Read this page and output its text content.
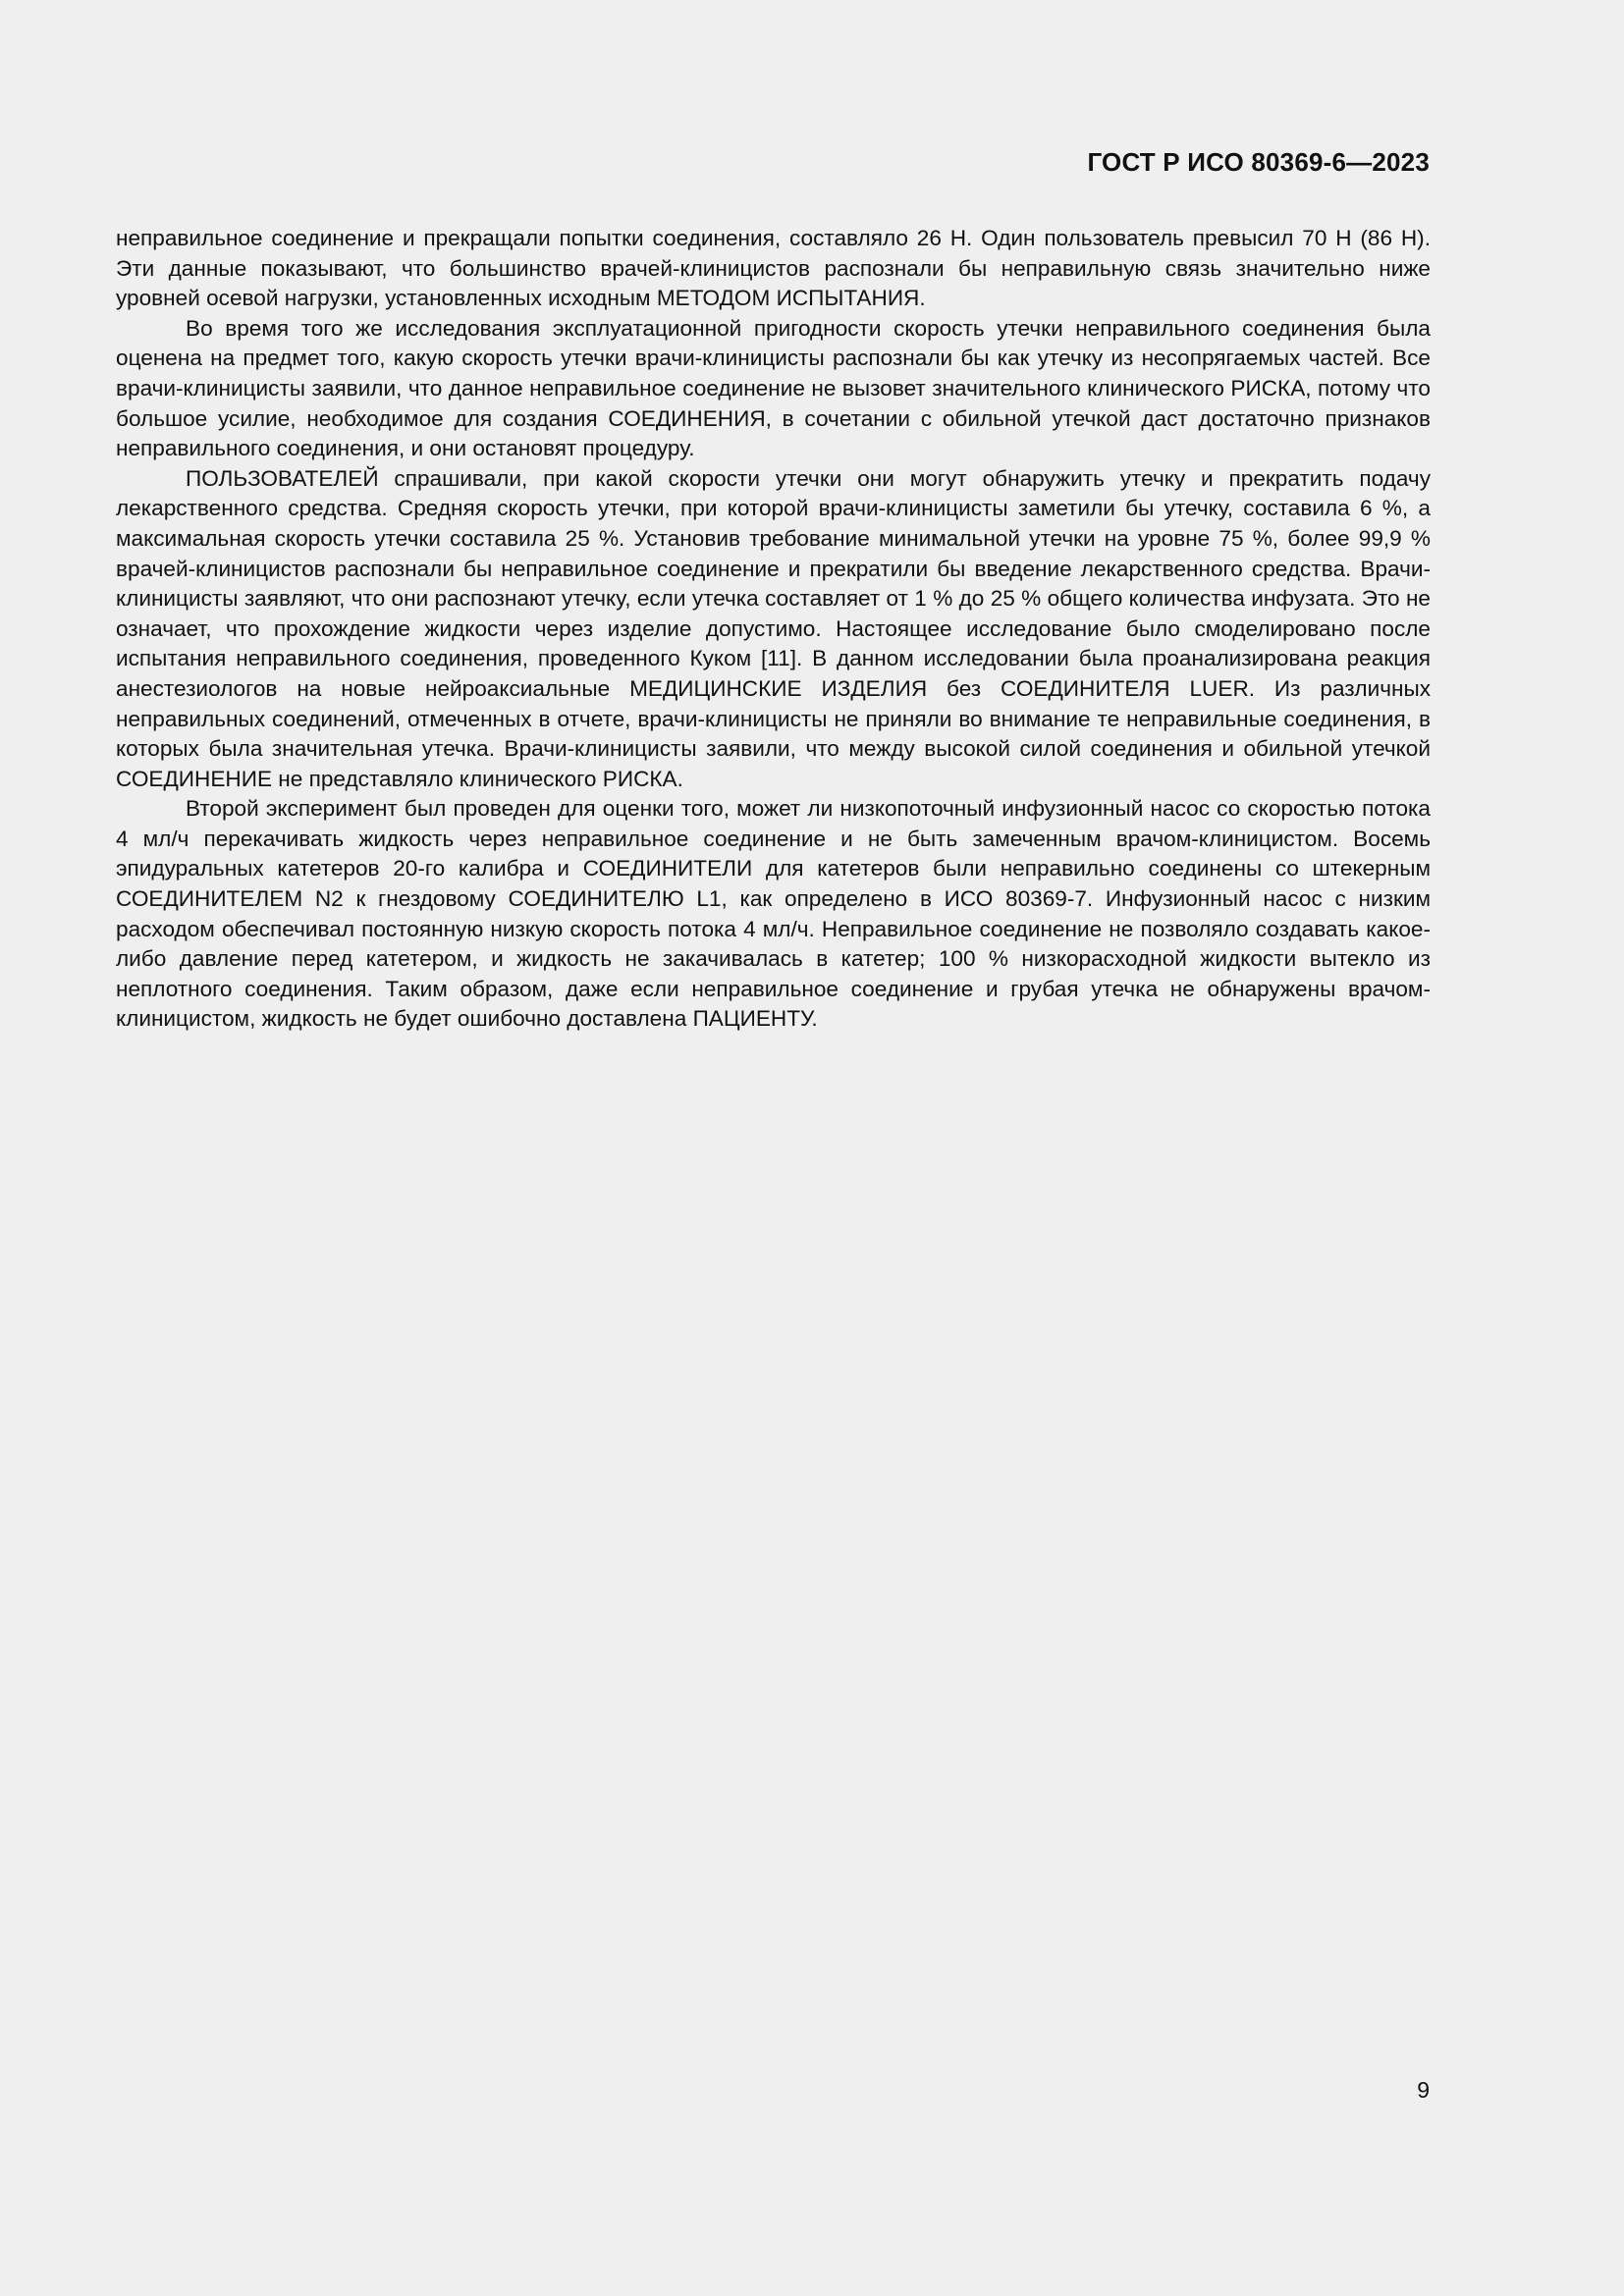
ГОСТ Р ИСО 80369-6—2023

неправильное соединение и прекращали попытки соединения, составляло 26 Н. Один пользователь превысил 70 Н (86 Н). Эти данные показывают, что большинство врачей-клиницистов распознали бы неправильную связь значительно ниже уровней осевой нагрузки, установленных исходным МЕТОДОМ ИСПЫТАНИЯ.

Во время того же исследования эксплуатационной пригодности скорость утечки неправильного соединения была оценена на предмет того, какую скорость утечки врачи-клиницисты распознали бы как утечку из несопрягаемых частей. Все врачи-клиницисты заявили, что данное неправильное соединение не вызовет значительного клинического РИСКА, потому что большое усилие, необходимое для создания СОЕДИНЕНИЯ, в сочетании с обильной утечкой даст достаточно признаков неправильного соединения, и они остановят процедуру.

ПОЛЬЗОВАТЕЛЕЙ спрашивали, при какой скорости утечки они могут обнаружить утечку и прекратить подачу лекарственного средства. Средняя скорость утечки, при которой врачи-клиницисты заметили бы утечку, составила 6 %, а максимальная скорость утечки составила 25 %. Установив требование минимальной утечки на уровне 75 %, более 99,9 % врачей-клиницистов распознали бы неправильное соединение и прекратили бы введение лекарственного средства. Врачи-клиницисты заявляют, что они распознают утечку, если утечка составляет от 1 % до 25 % общего количества инфузата. Это не означает, что прохождение жидкости через изделие допустимо. Настоящее исследование было смоделировано после испытания неправильного соединения, проведенного Куком [11]. В данном исследовании была проанализирована реакция анестезиологов на новые нейроаксиальные МЕДИЦИНСКИЕ ИЗДЕЛИЯ без СОЕДИНИТЕЛЯ LUER. Из различных неправильных соединений, отмеченных в отчете, врачи-клиницисты не приняли во внимание те неправильные соединения, в которых была значительная утечка. Врачи-клиницисты заявили, что между высокой силой соединения и обильной утечкой СОЕДИНЕНИЕ не представляло клинического РИСКА.

Второй эксперимент был проведен для оценки того, может ли низкопоточный инфузионный насос со скоростью потока 4 мл/ч перекачивать жидкость через неправильное соединение и не быть замеченным врачом-клиницистом. Восемь эпидуральных катетеров 20-го калибра и СОЕДИНИТЕЛИ для катетеров были неправильно соединены со штекерным СОЕДИНИТЕЛЕМ N2 к гнездовому СОЕДИНИТЕЛЮ L1, как определено в ИСО 80369-7. Инфузионный насос с низким расходом обеспечивал постоянную низкую скорость потока 4 мл/ч. Неправильное соединение не позволяло создавать какое-либо давление перед катетером, и жидкость не закачивалась в катетер; 100 % низкорасходной жидкости вытекло из неплотного соединения. Таким образом, даже если неправильное соединение и грубая утечка не обнаружены врачом-клиницистом, жидкость не будет ошибочно доставлена ПАЦИЕНТУ.

9
